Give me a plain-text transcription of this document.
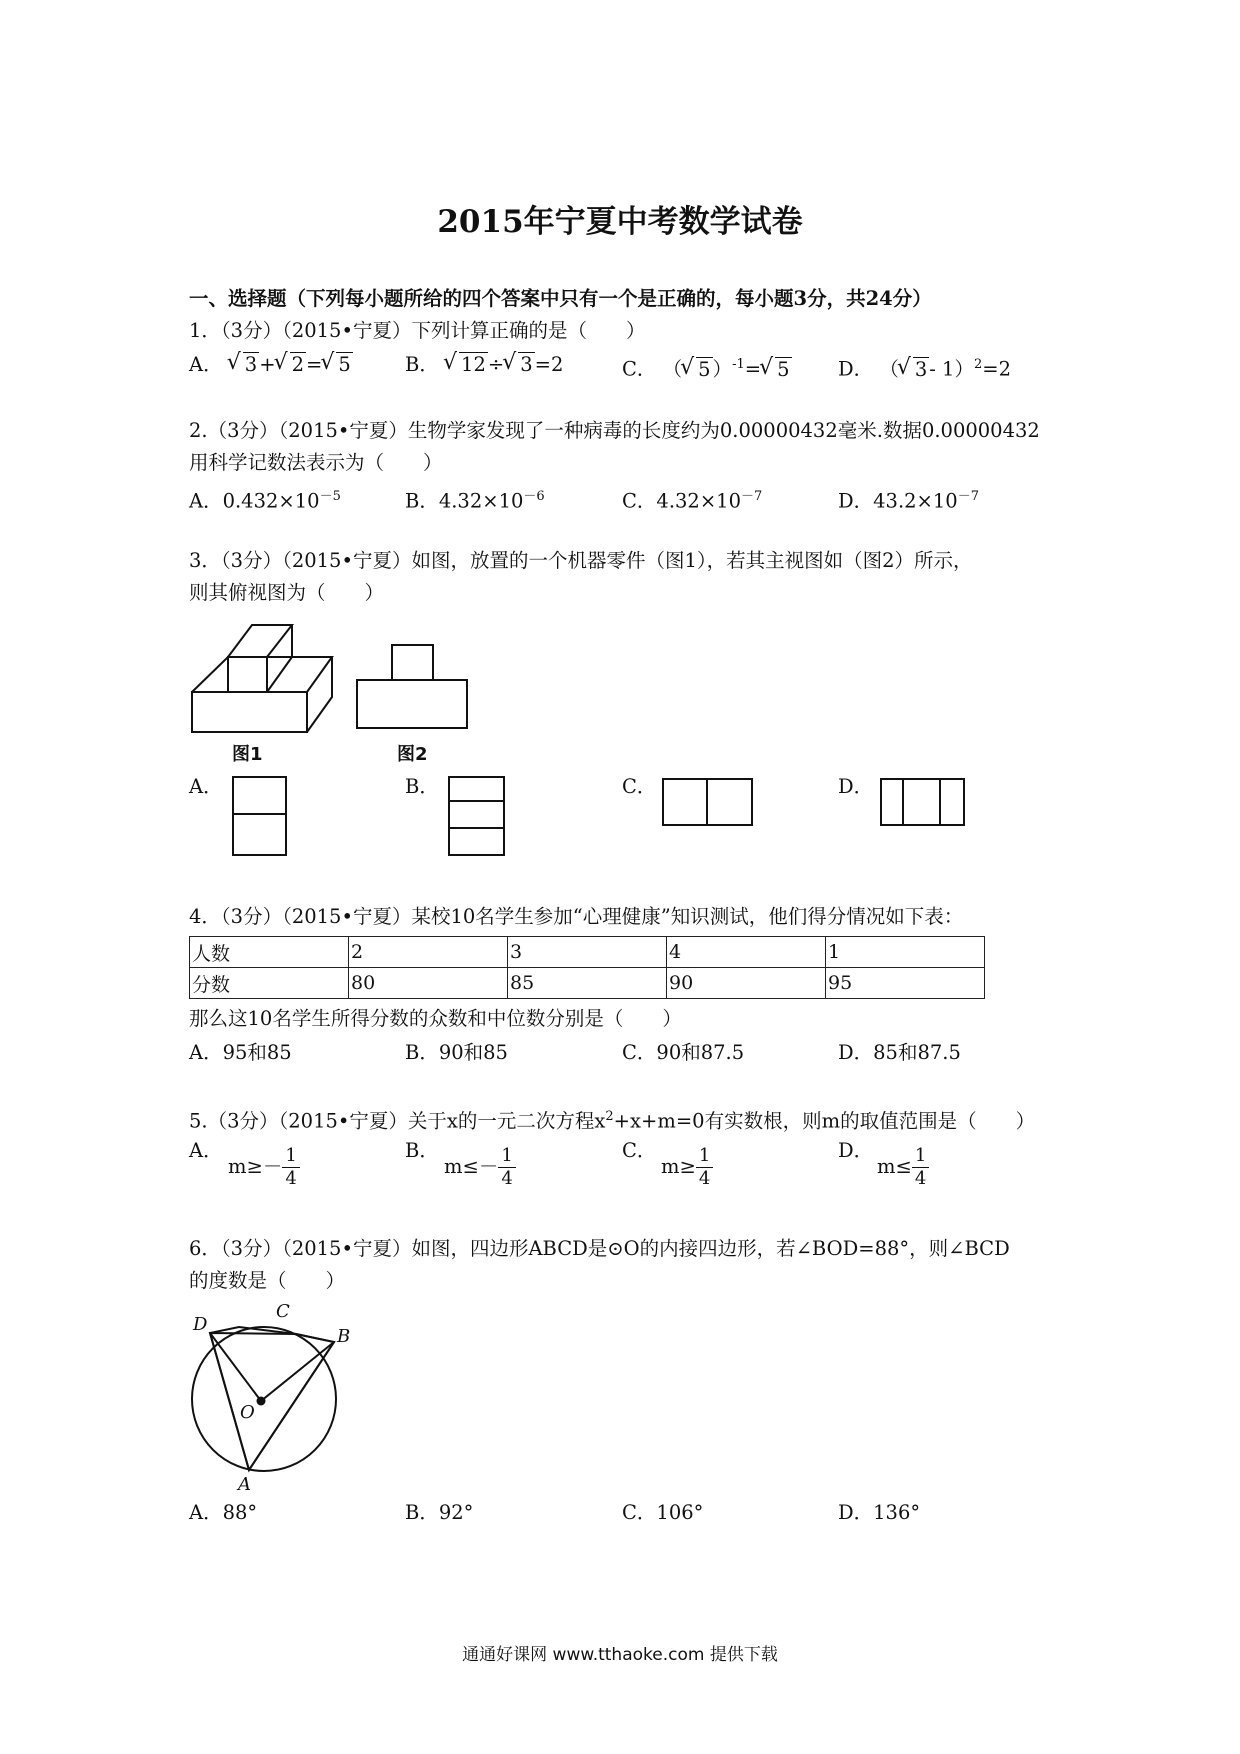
2015年宁夏中考数学试卷
一、选择题（下列每小题所给的四个答案中只有一个是正确的，每小题3分，共24分）
1．（3分）（2015•宁夏）下列计算正确的是（　　）
A． √ 3 + √ 2 = √ 5	B． √ 12 ÷ √ 3 =2	C． （ √ 5 ）$^{-1}$= √ 5 D． （ √ 3 - 1）$^2$=2
2.（3分）（2015•宁夏）生物学家发现了一种病毒的长度约为0.00000432毫米.数据0.00000432
用科学记数法表示为（　　）
A．$0.432\times 10^{-5}$	B．$4.32\times 10^{-6}$	C．$4.32\times 10^{-7}$	D．$43.2\times 10^{-7}$
3．（3分）（2015•宁夏）如图，放置的一个机器零件（图1），若其主视图如（图2）所示，
则其俯视图为（　　）
图1	图2
A．	B．	C．	D．
4．（3分）（2015•宁夏）某校10名学生参加“心理健康”知识测试，他们得分情况如下表：
人数	2	3	4	1
分数	80	85	90	95
那么这10名学生所得分数的众数和中位数分别是（　　）
A．95和85	B．90和85	C．90和87.5	D．85和87.5
5.（3分）（2015•宁夏）关于x的一元二次方程$x^2+x+m=0$有实数根，则m的取值范围是（　　）
A．
$m\ge- \frac{1}{4}$	B．
$m\le- \frac{1}{4}$	C．
$m\ge \frac{1}{4}$	D．
$m\le \frac{1}{4}$
6．（3分）（2015•宁夏）如图，四边形ABCD是⊙O的内接四边形，若∠BOD=88°，则∠BCD
的度数是（　　）
C
D
B
O
A
A．88°	B．92°	C．106°	D．136°
通通好课网 www.tthaoke.com 提供下载
